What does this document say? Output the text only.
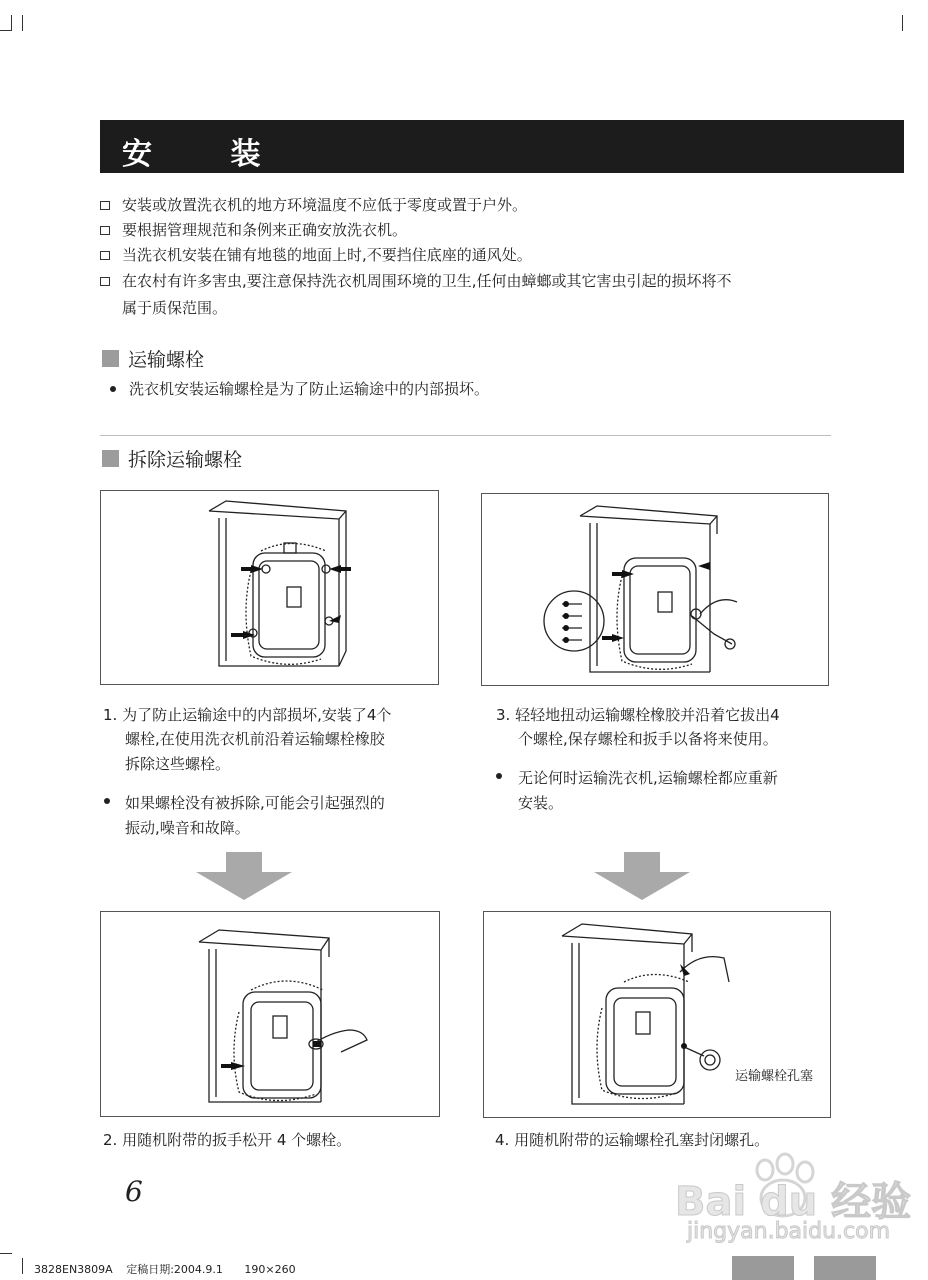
安 装
安装或放置洗衣机的地方环境温度不应低于零度或置于户外。
要根据管理规范和条例来正确安放洗衣机。
当洗衣机安装在铺有地毯的地面上时,不要挡住底座的通风处。
在农村有许多害虫,要注意保持洗衣机周围环境的卫生,任何由蟑螂或其它害虫引起的损坏将不
属于质保范围。
运输螺栓
洗衣机安装运输螺栓是为了防止运输途中的内部损坏。
拆除运输螺栓
1. 为了防止运输途中的内部损坏,安装了4个
螺栓,在使用洗衣机前沿着运输螺栓橡胶
拆除这些螺栓。
如果螺栓没有被拆除,可能会引起强烈的
振动,噪音和故障。
3. 轻轻地扭动运输螺栓橡胶并沿着它拔出4
个螺栓,保存螺栓和扳手以备将来使用。
无论何时运输洗衣机,运输螺栓都应重新
安装。
运输螺栓孔塞
2. 用随机附带的扳手松开 4 个螺栓。	4. 用随机附带的运输螺栓孔塞封闭螺孔。
6	Bai du 经验
jingyan.baidu.com
3828EN3809A 定稿日期:2004.9.1 190×260
